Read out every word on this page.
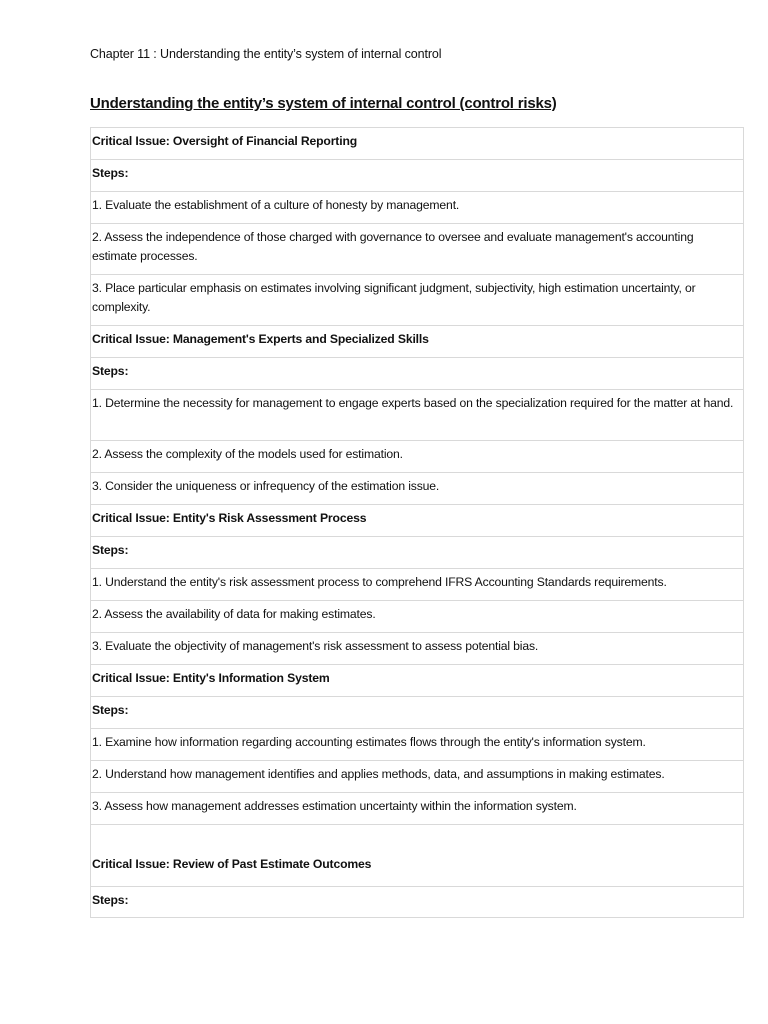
Chapter 11 : Understanding the entity’s system of internal control
Understanding the entity’s system of internal control (control risks)
Critical Issue: Oversight of Financial Reporting
Steps:
1. Evaluate the establishment of a culture of honesty by management.
2. Assess the independence of those charged with governance to oversee and evaluate management's accounting estimate processes.
3. Place particular emphasis on estimates involving significant judgment, subjectivity, high estimation uncertainty, or complexity.
Critical Issue: Management's Experts and Specialized Skills
Steps:
1. Determine the necessity for management to engage experts based on the specialization required for the matter at hand.
2. Assess the complexity of the models used for estimation.
3. Consider the uniqueness or infrequency of the estimation issue.
Critical Issue: Entity's Risk Assessment Process
Steps:
1. Understand the entity's risk assessment process to comprehend IFRS Accounting Standards requirements.
2. Assess the availability of data for making estimates.
3. Evaluate the objectivity of management's risk assessment to assess potential bias.
Critical Issue: Entity's Information System
Steps:
1. Examine how information regarding accounting estimates flows through the entity's information system.
2. Understand how management identifies and applies methods, data, and assumptions in making estimates.
3. Assess how management addresses estimation uncertainty within the information system.
Critical Issue: Review of Past Estimate Outcomes
Steps:
